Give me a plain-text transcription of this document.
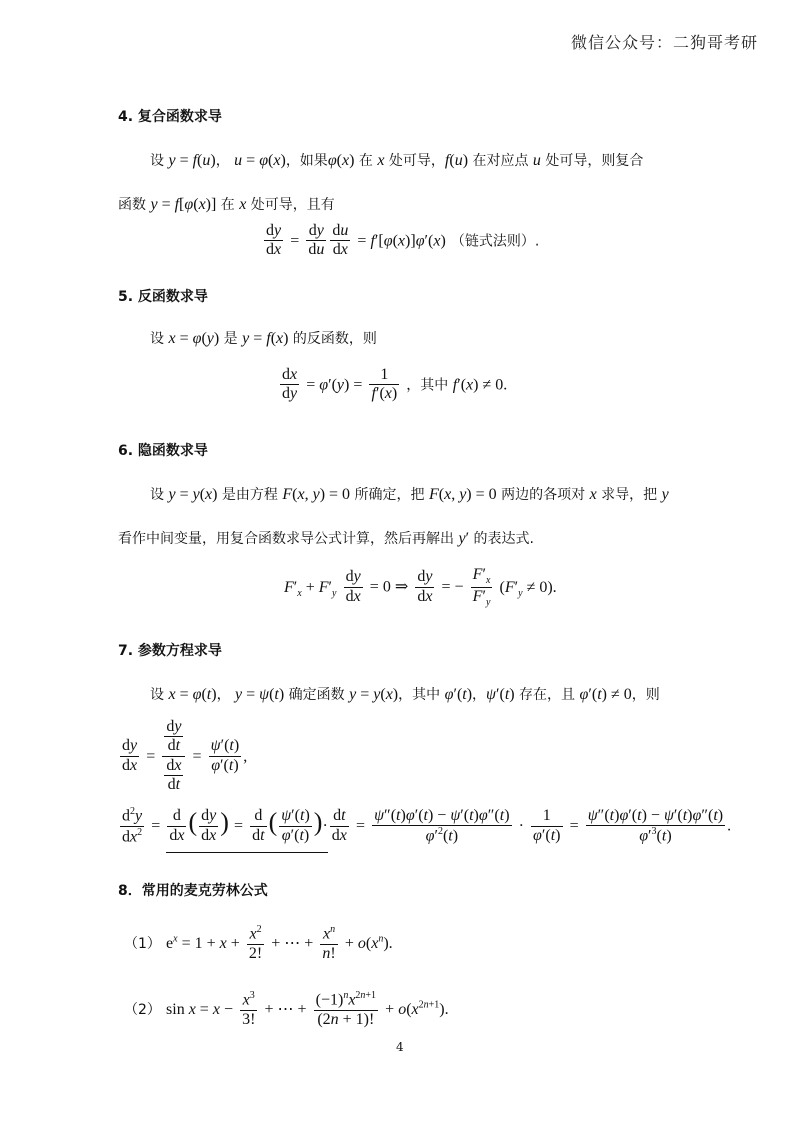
微信公众号：二狗哥考研
4. 复合函数求导
设 y = f(u)， u = φ(x)，如果φ(x) 在 x 处可导，f(u) 在对应点 u 处可导，则复合
函数 y = f[φ(x)] 在 x 处可导，且有
$\frac{dy}{dx} = \frac{dy}{du} \frac{du}{dx} = f'[\varphi(x)]\varphi'(x)$ （链式法则）.
5. 反函数求导
设 x = φ(y) 是 y = f(x) 的反函数，则
$\frac{dx}{dy} = \varphi'(y) = \frac{1}{f'(x)}$ ，其中 f′(x) ≠ 0.
6. 隐函数求导
设 y = y(x) 是由方程 F(x, y) = 0 所确定，把 F(x, y) = 0 两边的各项对 x 求导，把 y
看作中间变量，用复合函数求导公式计算，然后再解出 y′ 的表达式.
$F'_x + F'_y \frac{dy}{dx} = 0$ ⇒ $\frac{dy}{dx}$ = − $\frac{F'_x}{F'_y} (F'_y \ne 0)$.
7. 参数方程求导
设 x = φ(t)， y = ψ(t) 确定函数 y = y(x)，其中 φ′(t)，ψ′(t) 存在，且 φ′(t) ≠ 0，则
$\frac{dy}{dx} = \frac{\frac{dy}{dt}}{\frac{dx}{dt}} = \frac{\psi'(t)}{\varphi'(t)}$ ,
$\frac{d^2y}{dx^2} = \frac{d}{dx}$ ( $\frac{dy}{dx}$ ) = $\frac{d}{dt}$ ( $\frac{\psi'(t)}{\varphi'(t)}$ )· $\frac{dt}{dx} = \frac{\psi''(t)\varphi'(t) - \psi'(t)\varphi''(t)}{\varphi'^2(t)} \cdot \frac{1}{\varphi'(t)} = \frac{\psi''(t)\varphi'(t) - \psi'(t)\varphi''(t)}{\varphi'^3(t)}$ .
8．常用的麦克劳林公式
（1） $e^x = 1 + x + \frac{x^2}{2!}$ + ⋯ + $\frac{x^n}{n!} + o(x^n)$.
（2） $\sin x = x - \frac{x^3}{3!}$ + ⋯ + $\frac{(-1)^nx^{2n+1}}{(2n + 1)!} + o(x^{2n+1})$.
4
